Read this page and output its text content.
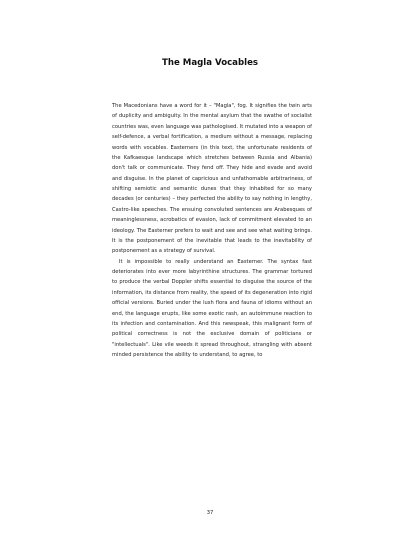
The Magla Vocables

The Macedonians have a word for it – "Magla", fog. It signifies the twin arts of duplicity and ambiguity. In the mental asylum that the swathe of socialist countries was, even language was pathologised. It mutated into a weapon of self-defence, a verbal fortification, a medium without a message, replacing words with vocables. Easterners (in this text, the unfortunate residents of the Kafkaesque landscape which stretches between Russia and Albania) don't talk or communicate. They fend off. They hide and evade and avoid and disguise. In the planet of capricious and unfathomable arbitrariness, of shifting semiotic and semantic dunes that they inhabited for so many decades (or centuries) – they perfected the ability to say nothing in lengthy, Castro-like speeches. The ensuing convoluted sentences are Arabesques of meaninglessness, acrobatics of evasion, lack of commitment elevated to an ideology. The Easterner prefers to wait and see and see what waiting brings. It is the postponement of the inevitable that leads to the inevitability of postponement as a strategy of survival.

It is impossible to really understand an Easterner. The syntax fast deteriorates into ever more labyrinthine structures. The grammar tortured to produce the verbal Doppler shifts essential to disguise the source of the information, its distance from reality, the speed of its degeneration into rigid official versions. Buried under the lush flora and fauna of idioms without an end, the language erupts, like some exotic rash, an autoimmune reaction to its infection and contamination. And this newspeak, this malignant form of political correctness is not the exclusive domain of politicians or "intellectuals". Like vile weeds it spread throughout, strangling with absent minded persistence the ability to understand, to agree, to

37
